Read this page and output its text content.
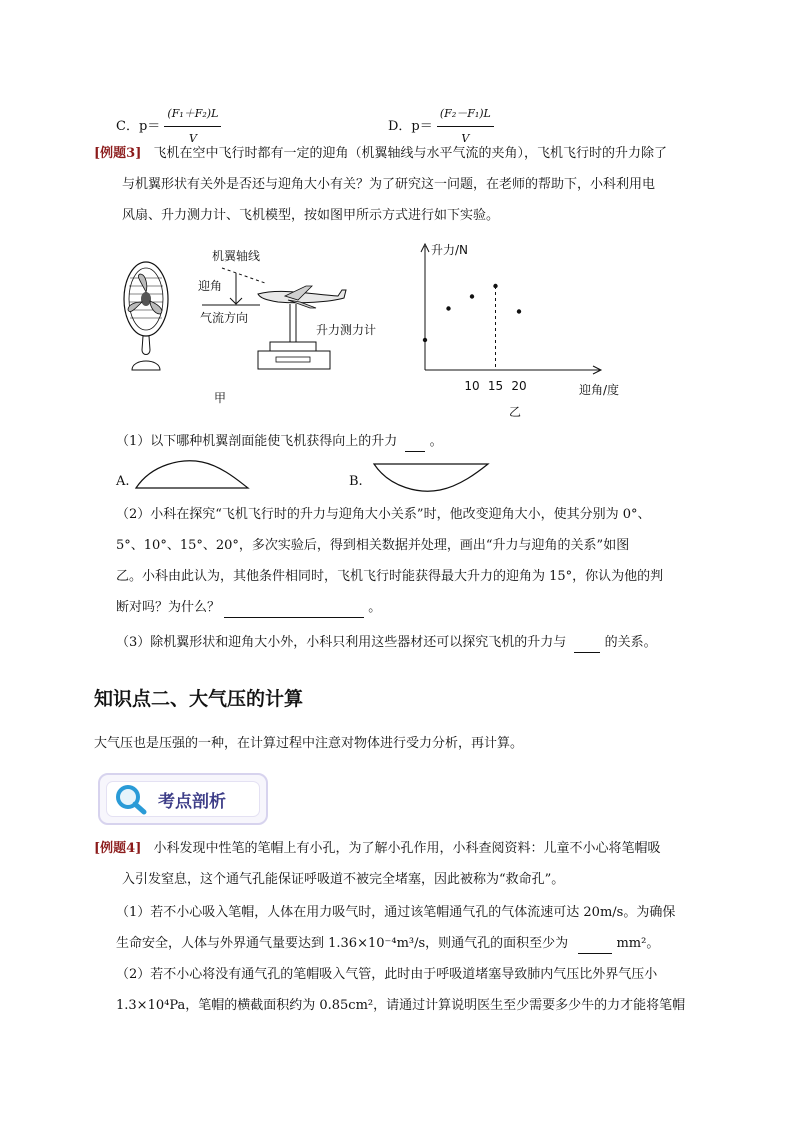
C．$p= \frac{\text{(F₁＋F₂)L}}{V}$	D．$p= \frac{\text{(F₂－F₁)L}}{V}$
[例题3] 飞机在空中飞行时都有一定的迎角（机翼轴线与水平气流的夹角），飞机飞行时的升力除了
与机翼形状有关外是否还与迎角大小有关？为了研究这一问题，在老师的帮助下，小科利用电
风扇、升力测力计、飞机模型，按如图甲所示方式进行如下实验。
机翼轴线
迎角
气流方向
升力测力计
甲
升力/N
迎角/度
乙
10 15 20
（1）以下哪种机翼剖面能使飞机获得向上的升力 。
A.	B.
（2）小科在探究“飞机飞行时的升力与迎角大小关系”时，他改变迎角大小，使其分别为 0°、
5°、10°、15°、20°，多次实验后，得到相关数据并处理，画出“升力与迎角的关系”如图
乙。小科由此认为，其他条件相同时，飞机飞行时能获得最大升力的迎角为 15°，你认为他的判
断对吗？为什么？	。
（3）除机翼形状和迎角大小外，小科只利用这些器材还可以探究飞机的升力与	的关系。
知识点二、大气压的计算
大气压也是压强的一种，在计算过程中注意对物体进行受力分析，再计算。
考点剖析
[例题4] 小科发现中性笔的笔帽上有小孔，为了解小孔作用，小科查阅资料：儿童不小心将笔帽吸
入引发窒息，这个通气孔能保证呼吸道不被完全堵塞，因此被称为“救命孔”。
（1）若不小心吸入笔帽，人体在用力吸气时，通过该笔帽通气孔的气体流速可达 20m/s。为确保
生命安全，人体与外界通气量要达到 1.36×10⁻⁴m³/s，则通气孔的面积至少为	mm²。
（2）若不小心将没有通气孔的笔帽吸入气管，此时由于呼吸道堵塞导致肺内气压比外界气压小
1.3×10⁴Pa，笔帽的横截面积约为 0.85cm²，请通过计算说明医生至少需要多少牛的力才能将笔帽
